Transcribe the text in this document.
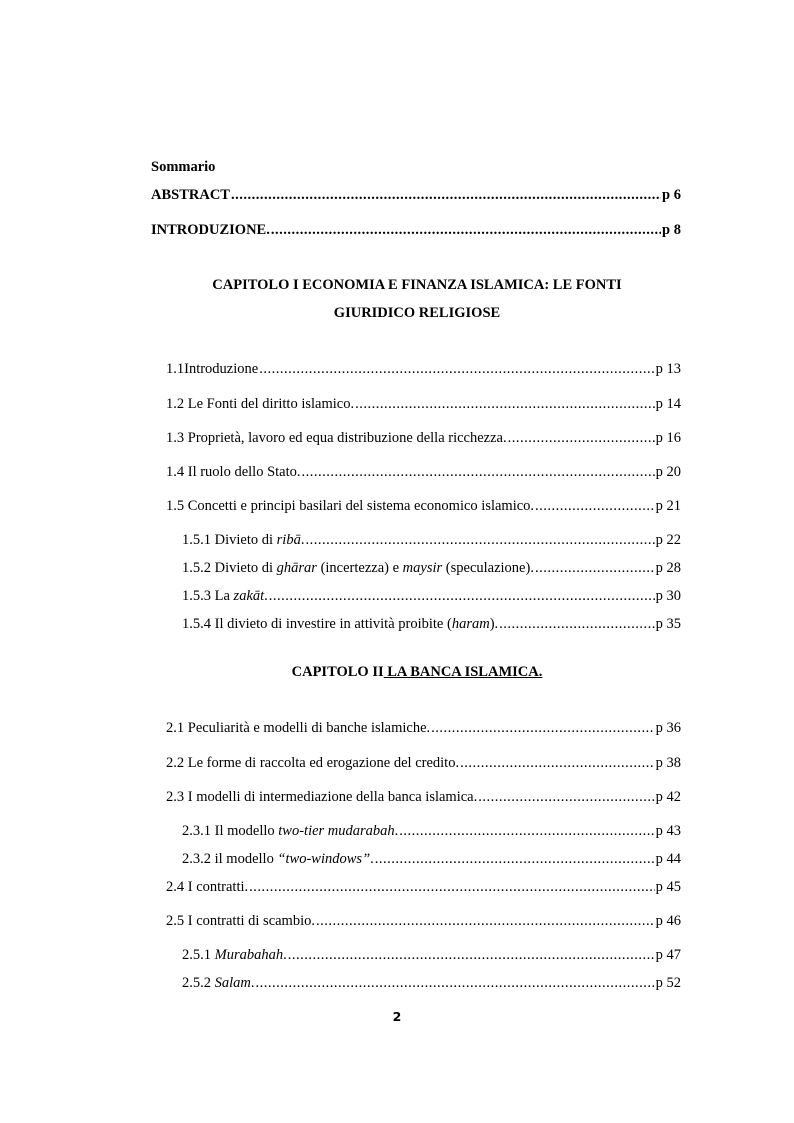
Sommario
ABSTRACT .....	p 6
INTRODUZIONE. .....	p 8
CAPITOLO I ECONOMIA E FINANZA ISLAMICA: LE FONTI
GIURIDICO RELIGIOSE
1.1Introduzione .....	p 13
1.2 Le Fonti del diritto islamico. .....	p 14
1.3 Proprietà, lavoro ed equa distribuzione della ricchezza. .....	p 16
1.4 Il ruolo dello Stato. .....	p 20
1.5 Concetti e principi basilari del sistema economico islamico. .....	p 21
1.5.1 Divieto di ribā. .....	p 22
1.5.2 Divieto di ghārar (incertezza) e maysir (speculazione). .....	p 28
1.5.3 La zakāt. .....	p 30
1.5.4 Il divieto di investire in attività proibite (haram). .....	p 35
CAPITOLO II LA BANCA ISLAMICA.
2.1 Peculiarità e modelli di banche islamiche. .....	p 36
2.2 Le forme di raccolta ed erogazione del credito. .....	p 38
2.3 I modelli di intermediazione della banca islamica. .....	p 42
2.3.1 Il modello two-tier mudarabah. .....	p 43
2.3.2 il modello “two-windows”. .....	p 44
2.4 I contratti. .....	p 45
2.5 I contratti di scambio. .....	p 46
2.5.1 Murabahah. .....	p 47
2.5.2 Salam. .....	p 52
2
